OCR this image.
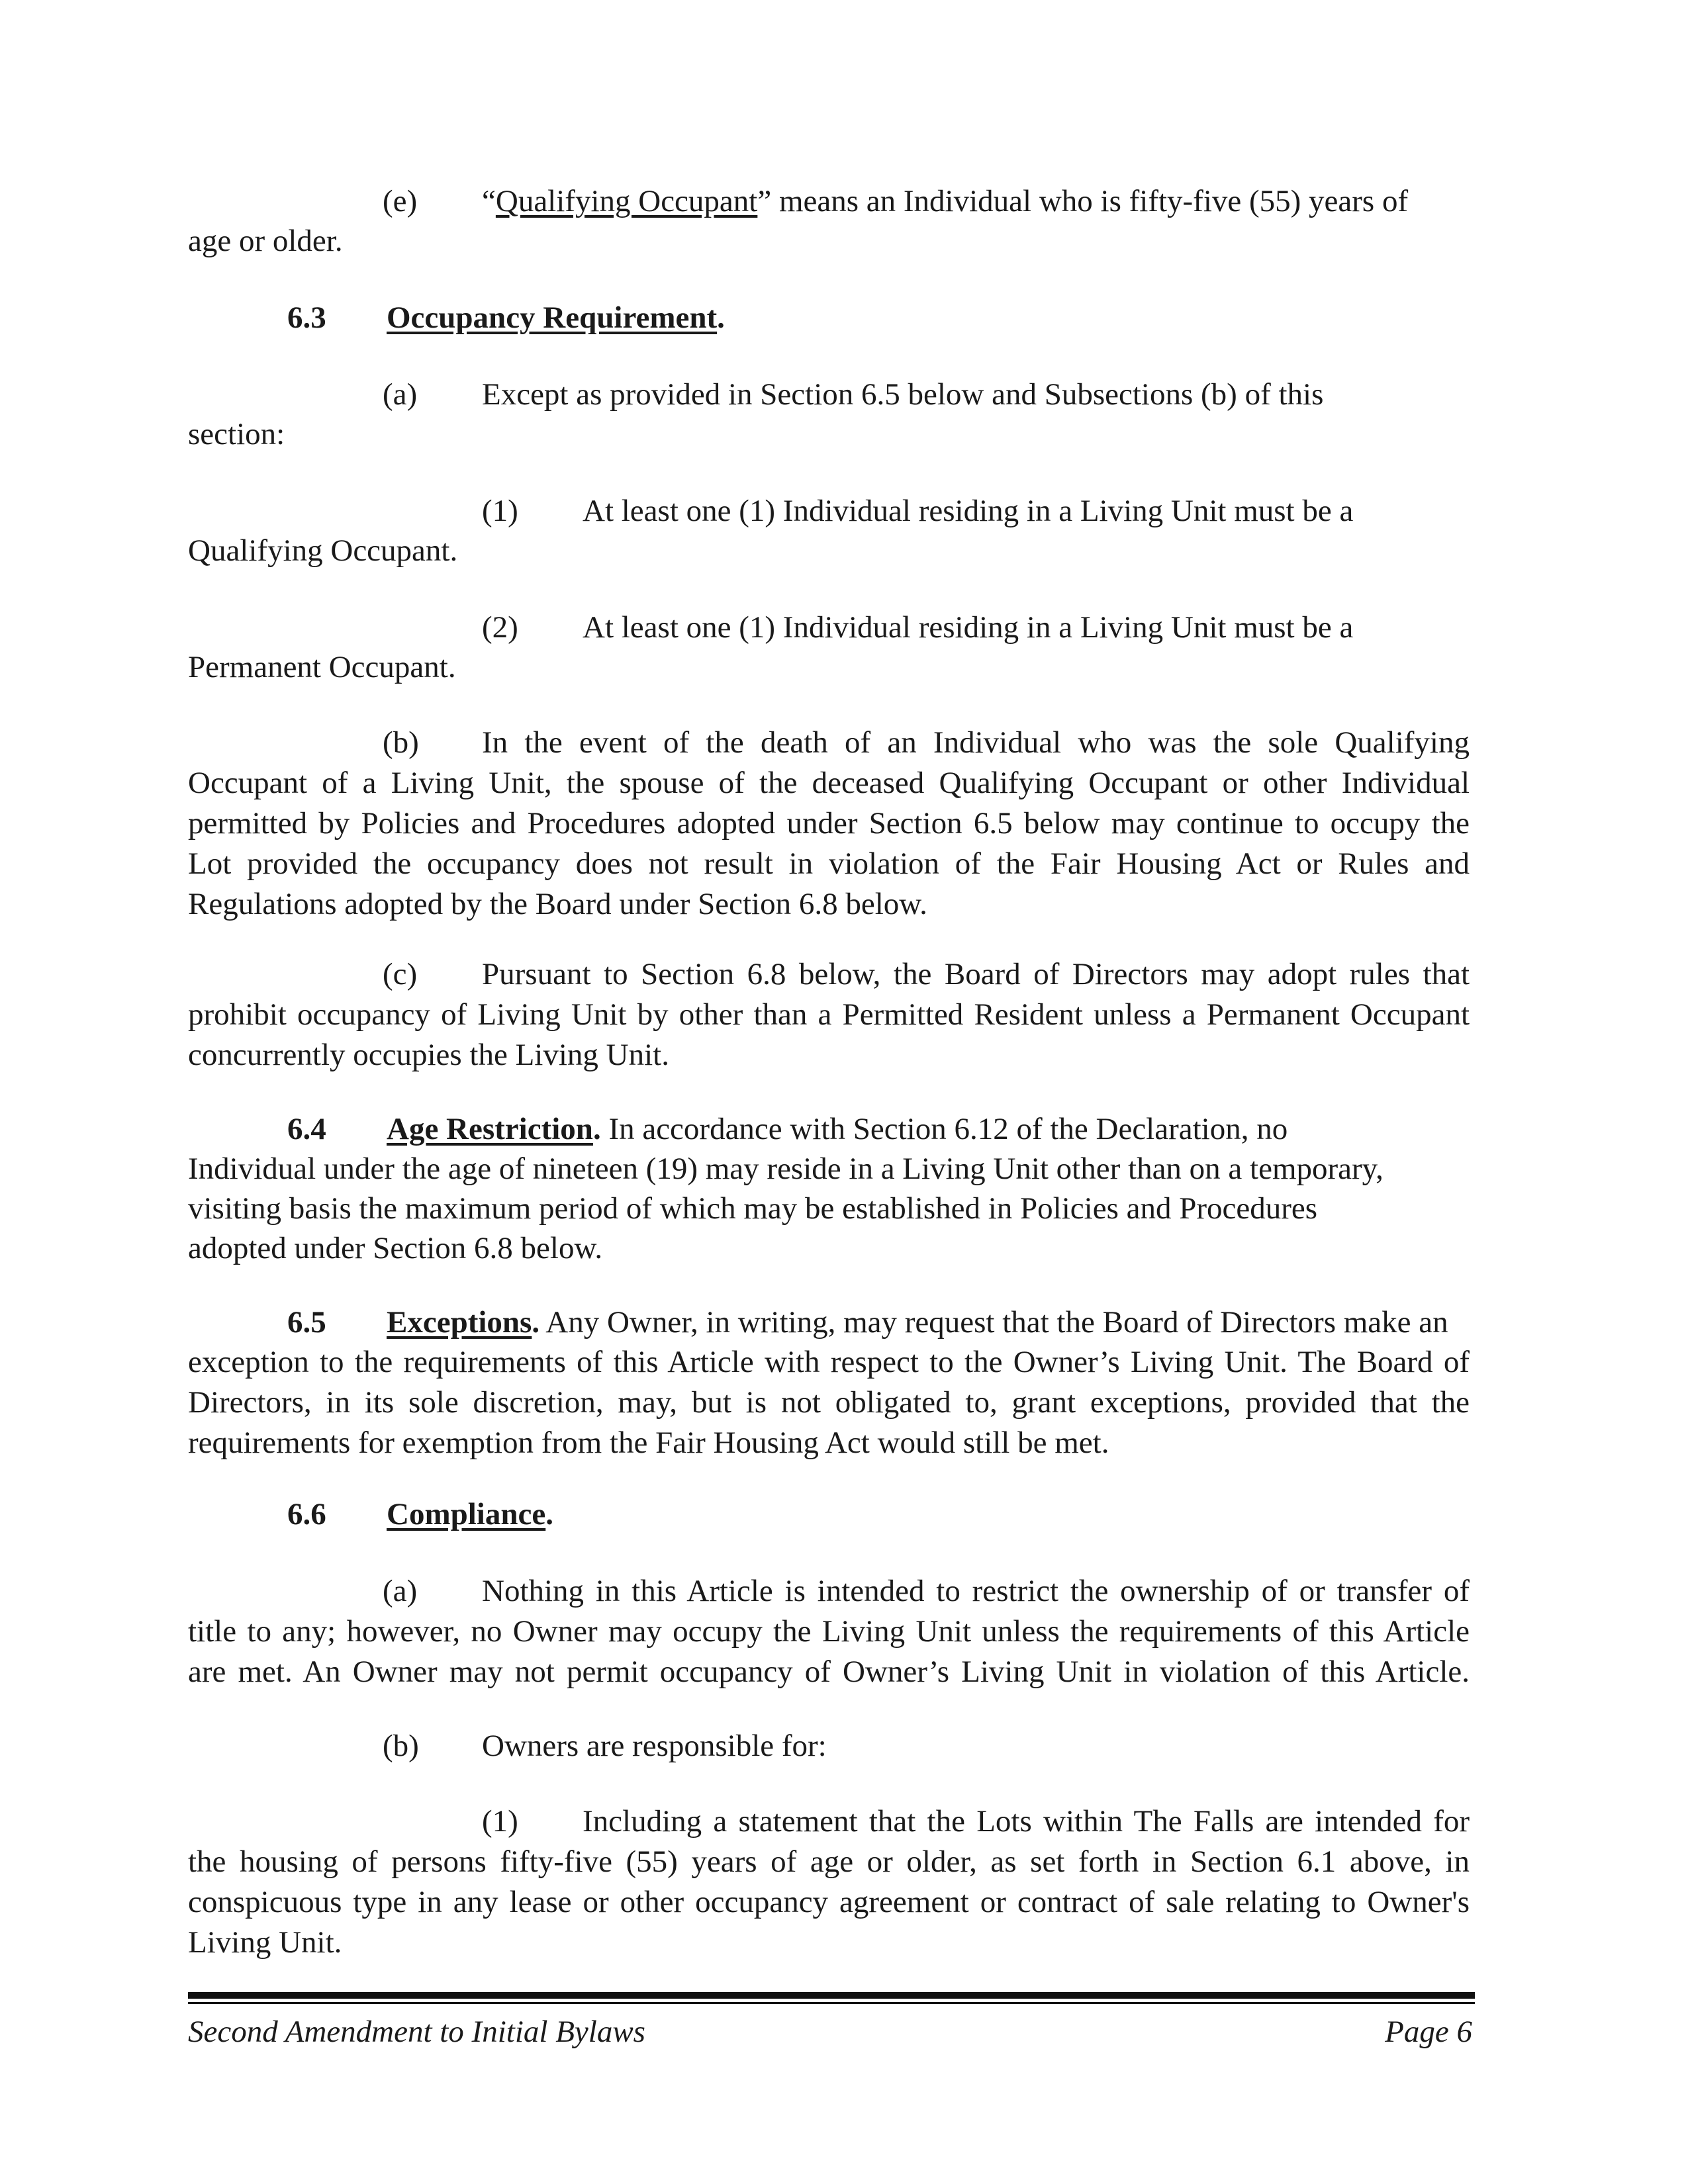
(e) “Qualifying Occupant” means an Individual who is fifty-five (55) years of
age or older.
6.3 Occupancy Requirement.
(a) Except as provided in Section 6.5 below and Subsections (b) of this
section:
(1) At least one (1) Individual residing in a Living Unit must be a
Qualifying Occupant.
(2) At least one (1) Individual residing in a Living Unit must be a
Permanent Occupant.
(b)	In the event of the death of an Individual who was the sole Qualifying
Occupant of a Living Unit, the spouse of the deceased Qualifying Occupant or other Individual
permitted by Policies and Procedures adopted under Section 6.5 below may continue to occupy the
Lot provided the occupancy does not result in violation of the Fair Housing Act or Rules and
Regulations adopted by the Board under Section 6.8 below.
(c)	Pursuant to Section 6.8 below, the Board of Directors may adopt rules that
prohibit occupancy of Living Unit by other than a Permitted Resident unless a Permanent Occupant
concurrently occupies the Living Unit.
6.4 Age Restriction. In accordance with Section 6.12 of the Declaration, no
Individual under the age of nineteen (19) may reside in a Living Unit other than on a temporary,
visiting basis the maximum period of which may be established in Policies and Procedures
adopted under Section 6.8 below.
6.5 Exceptions. Any Owner, in writing, may request that the Board of Directors make an
exception to the requirements of this Article with respect to the Owner’s Living Unit. The Board of
Directors, in its sole discretion, may, but is not obligated to, grant exceptions, provided that the
requirements for exemption from the Fair Housing Act would still be met.
6.6 Compliance.
(a)	Nothing in this Article is intended to restrict the ownership of or transfer of
title to any; however, no Owner may occupy the Living Unit unless the requirements of this Article
are met. An Owner may not permit occupancy of Owner’s Living Unit in violation of this Article.
(b) Owners are responsible for:
(1)	Including a statement that the Lots within The Falls are intended for
the housing of persons fifty-five (55) years of age or older, as set forth in Section 6.1 above, in
conspicuous type in any lease or other occupancy agreement or contract of sale relating to Owner's
Living Unit.
Second Amendment to Initial Bylaws	Page 6
